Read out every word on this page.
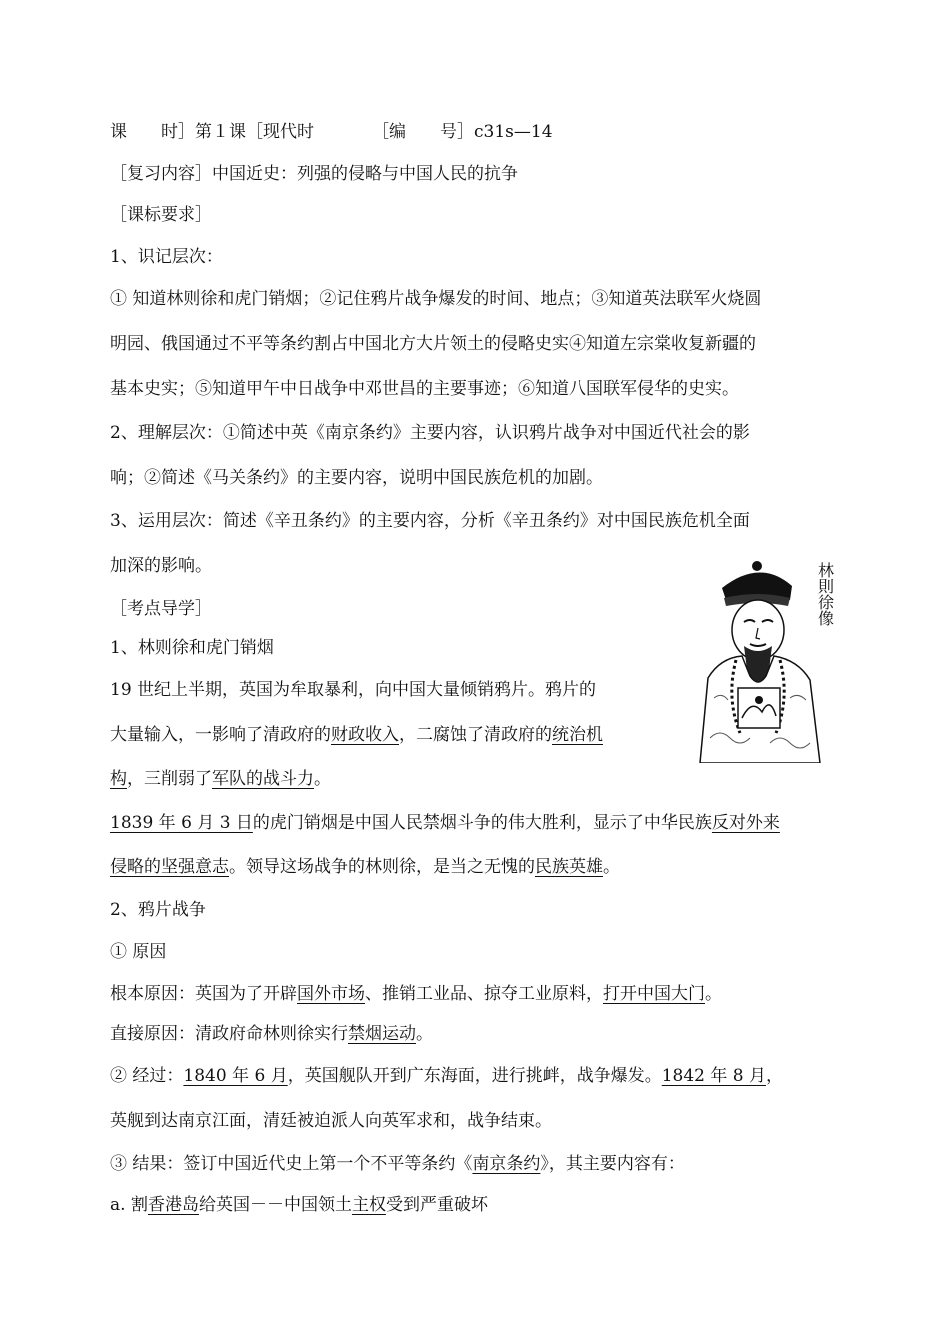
课　　时］第１课［现代时	［编　　号］c31s—14
［复习内容］中国近史：列强的侵略与中国人民的抗争
［课标要求］
1、识记层次：
① 知道林则徐和虎门销烟；②记住鸦片战争爆发的时间、地点；③知道英法联军火烧圆
明园、俄国通过不平等条约割占中国北方大片领土的侵略史实④知道左宗棠收复新疆的
基本史实；⑤知道甲午中日战争中邓世昌的主要事迹；⑥知道八国联军侵华的史实。
2、理解层次：①简述中英《南京条约》主要内容，认识鸦片战争对中国近代社会的影
响；②简述《马关条约》的主要内容，说明中国民族危机的加剧。
3、运用层次：简述《辛丑条约》的主要内容，分析《辛丑条约》对中国民族危机全面
加深的影响。
［考点导学］
1、林则徐和虎门销烟
19 世纪上半期，英国为牟取暴利，向中国大量倾销鸦片。鸦片的
大量输入，一影响了清政府的财政收入，二腐蚀了清政府的统治机
构，三削弱了军队的战斗力。
1839 年 6 月 3 日的虎门销烟是中国人民禁烟斗争的伟大胜利，显示了中华民族反对外来
侵略的坚强意志。领导这场战争的林则徐，是当之无愧的民族英雄。
2、鸦片战争
① 原因
根本原因：英国为了开辟国外市场、推销工业品、掠夺工业原料，打开中国大门。
直接原因：清政府命林则徐实行禁烟运动。
② 经过：1840 年 6 月，英国舰队开到广东海面，进行挑衅，战争爆发。1842 年 8 月，
英舰到达南京江面，清廷被迫派人向英军求和，战争结束。
③ 结果：签订中国近代史上第一个不平等条约《南京条约》，其主要内容有：
a. 割香港岛给英国－－中国领土主权受到严重破坏
林則徐像
